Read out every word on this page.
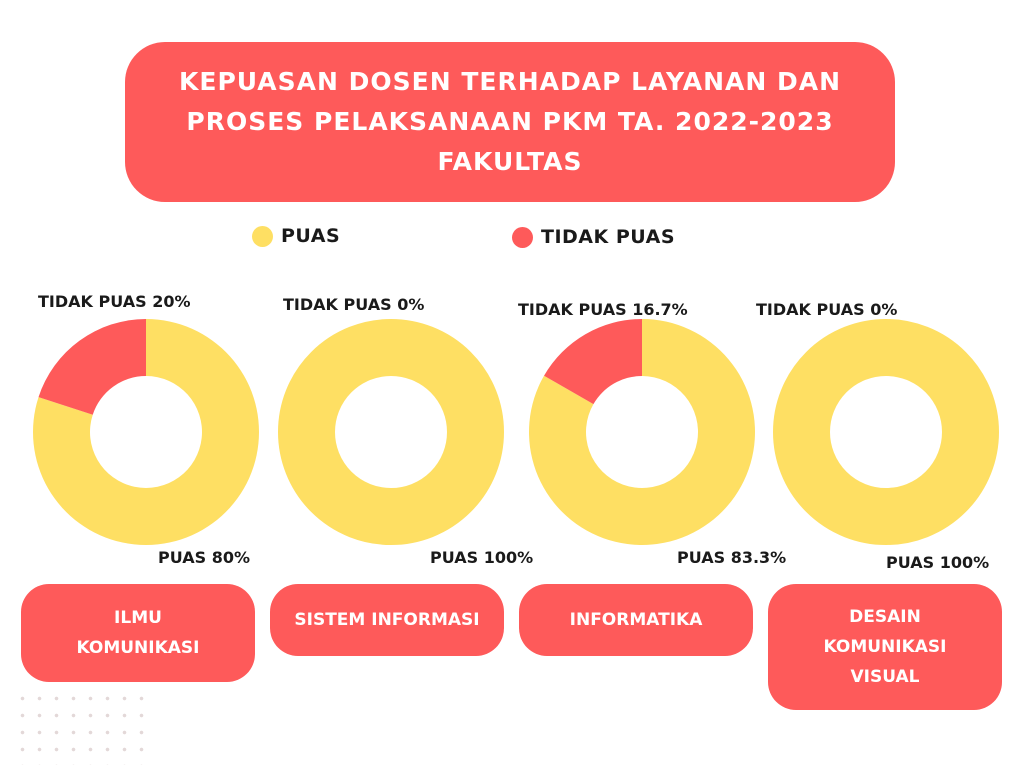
KEPUASAN DOSEN TERHADAP LAYANAN DAN
PROSES PELAKSANAAN PKM TA. 2022-2023
FAKULTAS
PUAS	TIDAK PUAS
TIDAK PUAS 20%
PUAS 80%
ILMU
KOMUNIKASI
TIDAK PUAS 0%
PUAS 100%
SISTEM INFORMASI
TIDAK PUAS 16.7%
PUAS 83.3%
INFORMATIKA
TIDAK PUAS 0%
PUAS 100%
DESAIN
KOMUNIKASI
VISUAL
